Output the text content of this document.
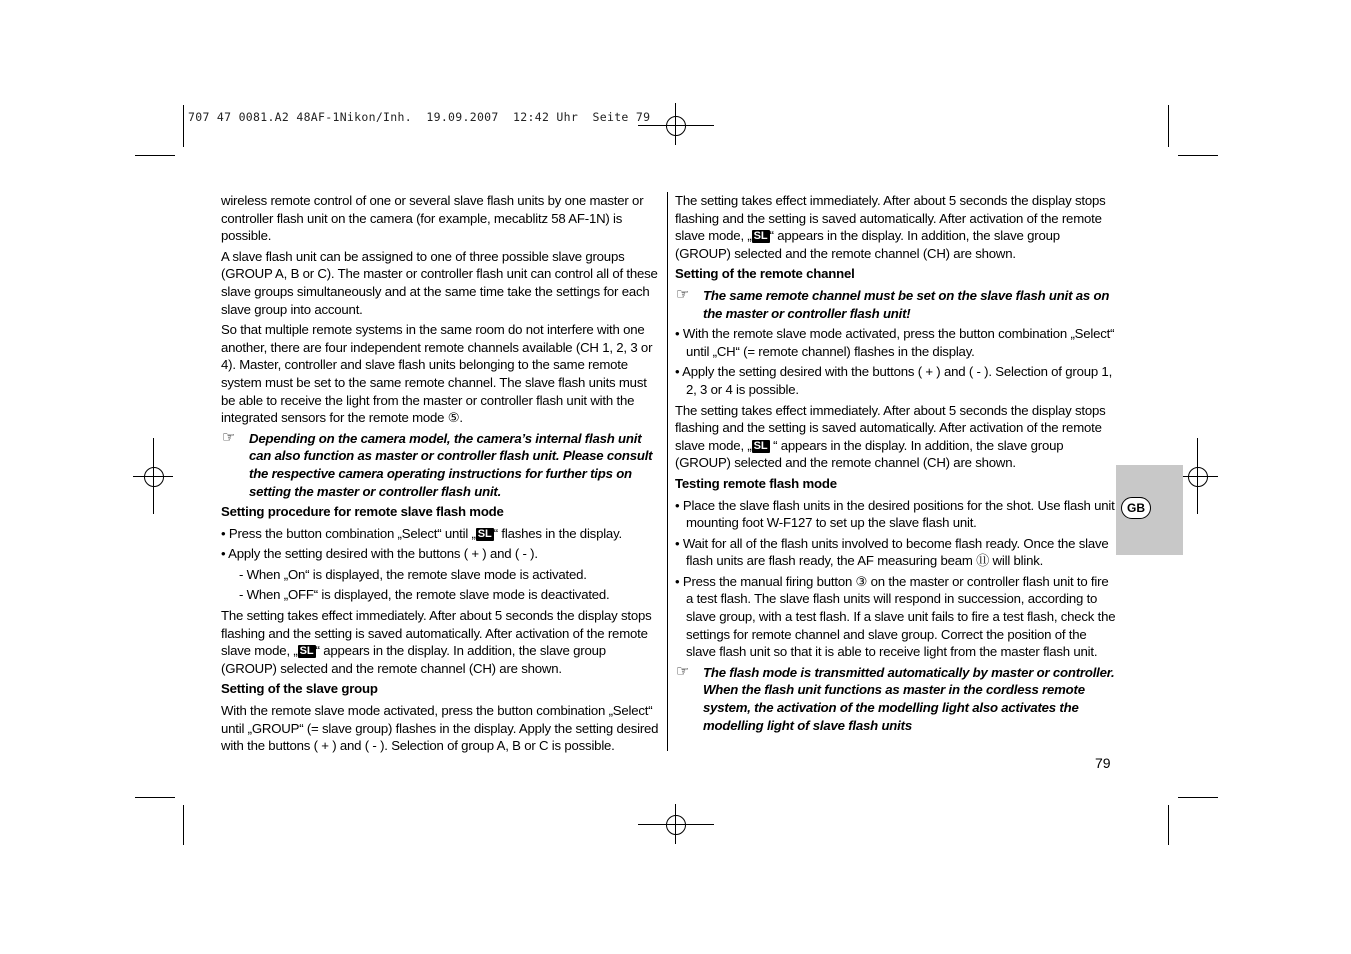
707 47 0081.A2 48AF-1Nikon/Inh.  19.09.2007  12:42 Uhr  Seite 79
GB

wireless remote control of one or several slave flash units by one master or controller flash unit on the camera (for example, mecablitz 58 AF-1N) is possible.

A slave flash unit can be assigned to one of three possible slave groups (GROUP A, B or C). The master or controller flash unit can control all of these slave groups simultaneously and at the same time take the settings for each slave group into account.

So that multiple remote systems in the same room do not interfere with one another, there are four independent remote channels available (CH 1, 2, 3 or 4). Master, controller and slave flash units belonging to the same remote system must be set to the same remote channel. The slave flash units must be able to receive the light from the master or controller flash unit with the integrated sensors for the remote mode ⑤.

☞ Depending on the camera model, the camera’s internal flash unit can also function as master or controller flash unit. Please consult the respective camera operating instructions for further tips on setting the master or controller flash unit.

Setting procedure for remote slave flash mode

• Press the button combination „Select“ until „ SL “ flashes in the display.

• Apply the setting desired with the buttons ( + ) and ( - ).

- When „On“ is displayed, the remote slave mode is activated.

- When „OFF“ is displayed, the remote slave mode is deactivated.

The setting takes effect immediately. After about 5 seconds the display stops flashing and the setting is saved automatically. After activation of the remote slave mode, „ SL “ appears in the display. In addition, the slave group (GROUP) selected and the remote channel (CH) are shown.

Setting of the slave group

With the remote slave mode activated, press the button combination „Select“ until „GROUP“ (= slave group) flashes in the display. Apply the setting desired with the buttons ( + ) and ( - ). Selection of group A, B or C is possible.

The setting takes effect immediately. After about 5 seconds the display stops flashing and the setting is saved automatically. After activation of the remote slave mode, „ SL “ appears in the display. In addition, the slave group (GROUP) selected and the remote channel (CH) are shown.

Setting of the remote channel

☞ The same remote channel must be set on the slave flash unit as on the master or controller flash unit!

• With the remote slave mode activated, press the button combination „Select“ until „CH“ (= remote channel) flashes in the display.

• Apply the setting desired with the buttons ( + ) and ( - ). Selection of group 1, 2, 3 or 4 is possible.

The setting takes effect immediately. After about 5 seconds the display stops flashing and the setting is saved automatically. After activation of the remote slave mode, „ SL “ appears in the display. In addition, the slave group (GROUP) selected and the remote channel (CH) are shown.

Testing remote flash mode

• Place the slave flash units in the desired positions for the shot. Use flash unit mounting foot W-F127 to set up the slave flash unit.

• Wait for all of the flash units involved to become flash ready. Once the slave flash units are flash ready, the AF measuring beam ⑪ will blink.

• Press the manual firing button ③ on the master or controller flash unit to fire a test flash. The slave flash units will respond in succession, according to slave group, with a test flash. If a slave unit fails to fire a test flash, check the settings for remote channel and slave group. Correct the position of the slave flash unit so that it is able to receive light from the master flash unit.

☞ The flash mode is transmitted automatically by master or controller. When the flash unit functions as master in the cordless remote system, the activation of the modelling light also activates the modelling light of slave flash units
79
